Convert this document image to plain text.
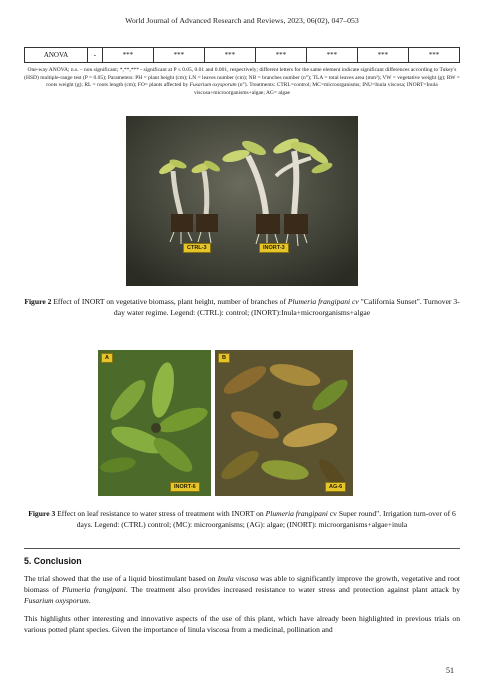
World Journal of Advanced Research and Reviews, 2023, 06(02), 047–053
ANOVA	-	***	***	***	***	***	***	***
One-way ANOVA; n.s. – non significant; *,**,*** - significant at P ≤ 0.05, 0.01 and 0.001, respectively; different letters for the same element indicate significant differences according to Tukey's (HSD) multiple-range test (P = 0.05); Parameters: PH = plant height (cm); LN = leaves number (cm); NB = branches number (n°); TLA = total leaves area (mm²); VW = vegetative weight (g); RW = roots weight (g); RL = roots length (cm); FO= plants affected by Fusarium oxysporum (n°). Treatments: CTRL=control; MC=microorganisms; INU=Inula viscosa; INORT=Inula viscosa+microorganisms+algae; AG= algae
CTRL-3	INORT-3
Figure 2 Effect of INORT on vegetative biomass, plant height, number of branches of Plumeria frangipani cv "California Sunset". Turnover 3-day water regime. Legend: (CTRL): control; (INORT):Inula+microorganisms+algae
A
INORT-6
B
AG-6
Figure 3 Effect on leaf resistance to water stress of treatment with INORT on Plumeria frangipani cv Super round". Irrigation turn-over of 6 days. Legend: (CTRL) control; (MC): microorganisms; (AG): algae; (INORT): microorganisms+algae+inula
5. Conclusion
The trial showed that the use of a liquid biostimulant based on Inula viscosa was able to significantly improve the growth, vegetative and root biomass of Plumeria frangipani. The treatment also provides increased resistance to water stress and protection against plant attack by Fusarium oxysporum.
This highlights other interesting and innovative aspects of the use of this plant, which have already been highlighted in previous trials on various potted plant species. Given the importance of linula viscosa from a medicinal, pollination and
51
